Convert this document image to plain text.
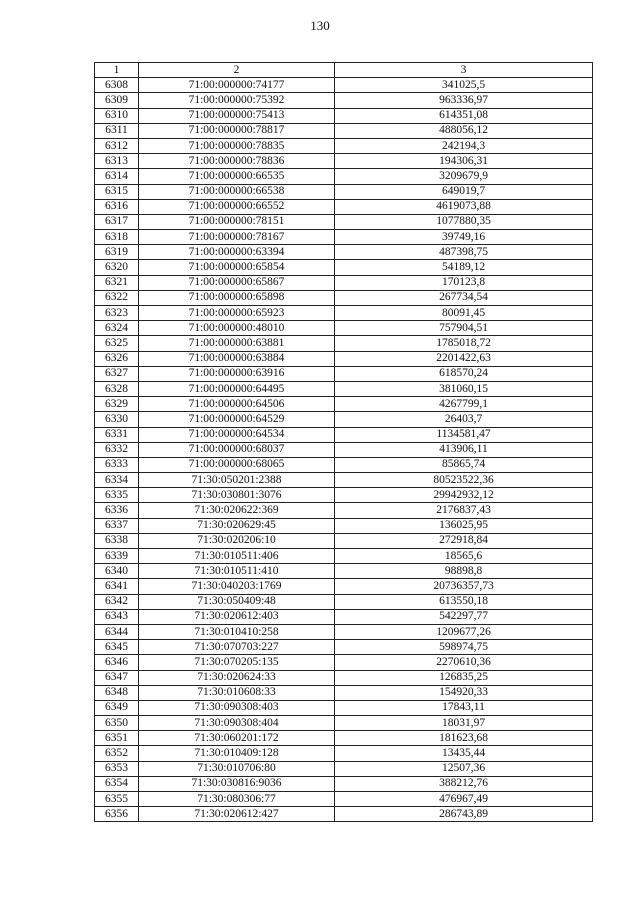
130
1	2	3
6308	71:00:000000:74177	341025,5
6309	71:00:000000:75392	963336,97
6310	71:00:000000:75413	614351,08
6311	71:00:000000:78817	488056,12
6312	71:00:000000:78835	242194,3
6313	71:00:000000:78836	194306,31
6314	71:00:000000:66535	3209679,9
6315	71:00:000000:66538	649019,7
6316	71:00:000000:66552	4619073,88
6317	71:00:000000:78151	1077880,35
6318	71:00:000000:78167	39749,16
6319	71:00:000000:63394	487398,75
6320	71:00:000000:65854	54189,12
6321	71:00:000000:65867	170123,8
6322	71:00:000000:65898	267734,54
6323	71:00:000000:65923	80091,45
6324	71:00:000000:48010	757904,51
6325	71:00:000000:63881	1785018,72
6326	71:00:000000:63884	2201422,63
6327	71:00:000000:63916	618570,24
6328	71:00:000000:64495	381060,15
6329	71:00:000000:64506	4267799,1
6330	71:00:000000:64529	26403,7
6331	71:00:000000:64534	1134581,47
6332	71:00:000000:68037	413906,11
6333	71:00:000000:68065	85865,74
6334	71:30:050201:2388	80523522,36
6335	71:30:030801:3076	29942932,12
6336	71:30:020622:369	2176837,43
6337	71:30:020629:45	136025,95
6338	71:30:020206:10	272918,84
6339	71:30:010511:406	18565,6
6340	71:30:010511:410	98898,8
6341	71:30:040203:1769	20736357,73
6342	71:30:050409:48	613550,18
6343	71:30:020612:403	542297,77
6344	71:30:010410:258	1209677,26
6345	71:30:070703:227	598974,75
6346	71:30:070205:135	2270610,36
6347	71:30:020624:33	126835,25
6348	71:30:010608:33	154920,33
6349	71:30:090308:403	17843,11
6350	71:30:090308:404	18031,97
6351	71:30:060201:172	181623,68
6352	71:30:010409:128	13435,44
6353	71:30:010706:80	12507,36
6354	71:30:030816:9036	388212,76
6355	71:30:080306:77	476967,49
6356	71:30:020612:427	286743,89
